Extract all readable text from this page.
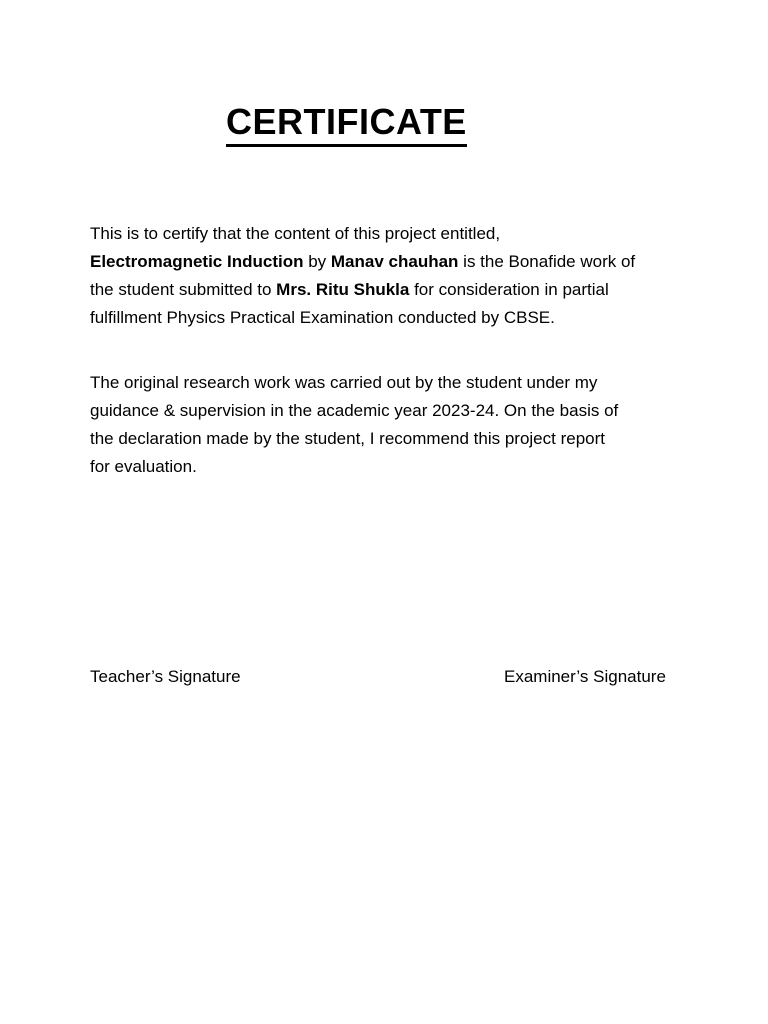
CERTIFICATE

This is to certify that the content of this project entitled,
Electromagnetic Induction by Manav chauhan is the Bonafide work of
the student submitted to Mrs. Ritu Shukla for consideration in partial
fulfillment Physics Practical Examination conducted by CBSE.

The original research work was carried out by the student under my
guidance & supervision in the academic year 2023-24. On the basis of
the declaration made by the student, I recommend this project report
for evaluation.

Teacher’s Signature	Examiner’s Signature
